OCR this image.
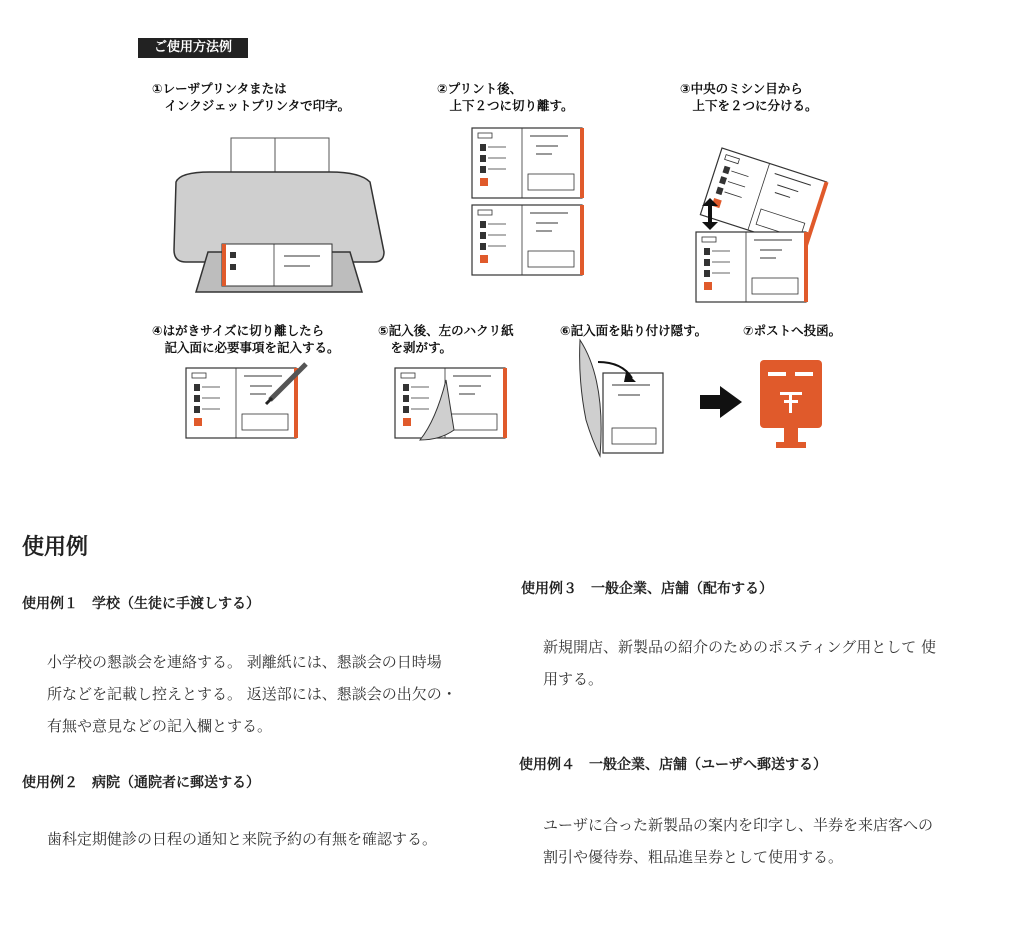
ご使用方法例
①レーザプリンタまたは
　インクジェットプリンタで印字。
②プリント後、
　上下２つに切り離す。
③中央のミシン目から
　上下を２つに分ける。
④はがきサイズに切り離したら
　記入面に必要事項を記入する。
⑤記入後、左のハクリ紙
　を剥がす。
⑥記入面を貼り付け隠す。	⑦ポストへ投函。
使用例
使用例１　学校（生徒に手渡しする）
小学校の懇談会を連絡する。 剥離紙には、懇談会の日時場
所などを記載し控えとする。 返送部には、懇談会の出欠の・
有無や意見などの記入欄とする。
使用例２　病院（通院者に郵送する）
歯科定期健診の日程の通知と来院予約の有無を確認する。
使用例３　一般企業、店舗（配布する）
新規開店、新製品の紹介のためのポスティング用として 使
用する。
使用例４　一般企業、店舗（ユーザへ郵送する）
ユーザに合った新製品の案内を印字し、半券を来店客への
割引や優待券、粗品進呈券として使用する。
